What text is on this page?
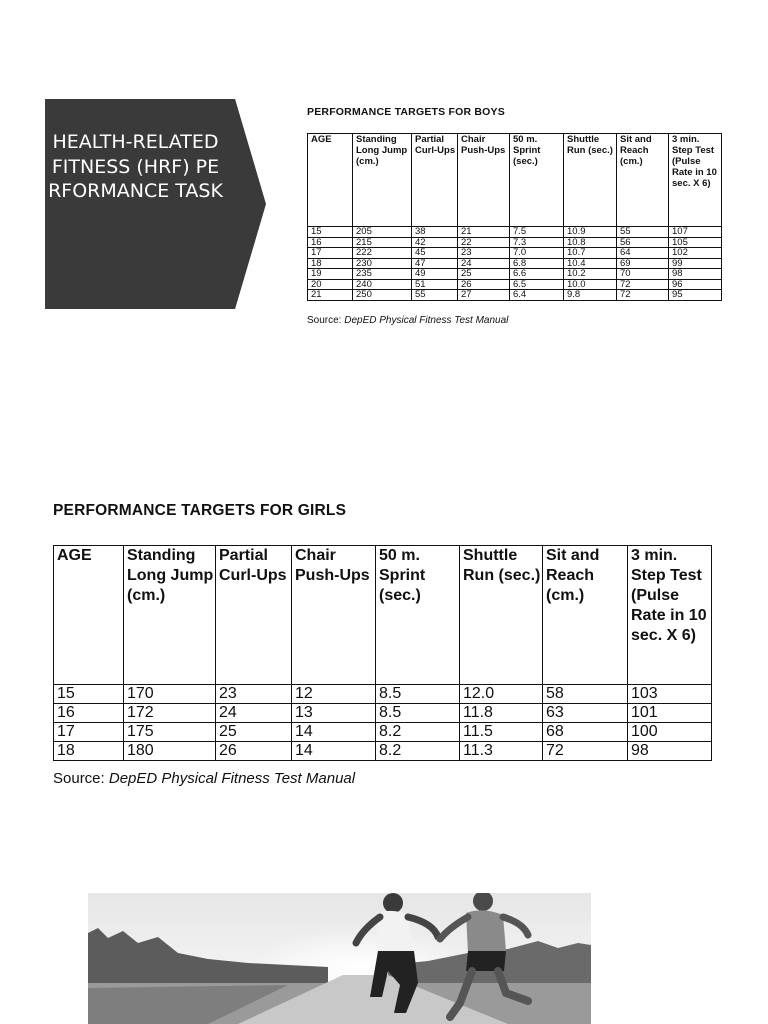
HEALTH-RELATED FITNESS (HRF) PERFORMANCE TASK
PERFORMANCE TARGETS FOR BOYS
AGE	Standing Long Jump (cm.)	Partial Curl-Ups	Chair Push-Ups	50 m. Sprint (sec.)	Shuttle Run (sec.)	Sit and Reach (cm.)	3 min. Step Test (Pulse Rate in 10 sec. X 6)
15	205	38	21	7.5	10.9	55	107
16	215	42	22	7.3	10.8	56	105
17	222	45	23	7.0	10.7	64	102
18	230	47	24	6.8	10.4	69	99
19	235	49	25	6.6	10.2	70	98
20	240	51	26	6.5	10.0	72	96
21	250	55	27	6.4	9.8	72	95
Source: DepED Physical Fitness Test Manual
PERFORMANCE TARGETS FOR GIRLS
AGE	Standing Long Jump (cm.)	Partial Curl-Ups	Chair Push-Ups	50 m. Sprint (sec.)	Shuttle Run (sec.)	Sit and Reach (cm.)	3 min. Step Test (Pulse Rate in 10 sec. X 6)
15	170	23	12	8.5	12.0	58	103
16	172	24	13	8.5	11.8	63	101
17	175	25	14	8.2	11.5	68	100
18	180	26	14	8.2	11.3	72	98
Source: DepED Physical Fitness Test Manual
